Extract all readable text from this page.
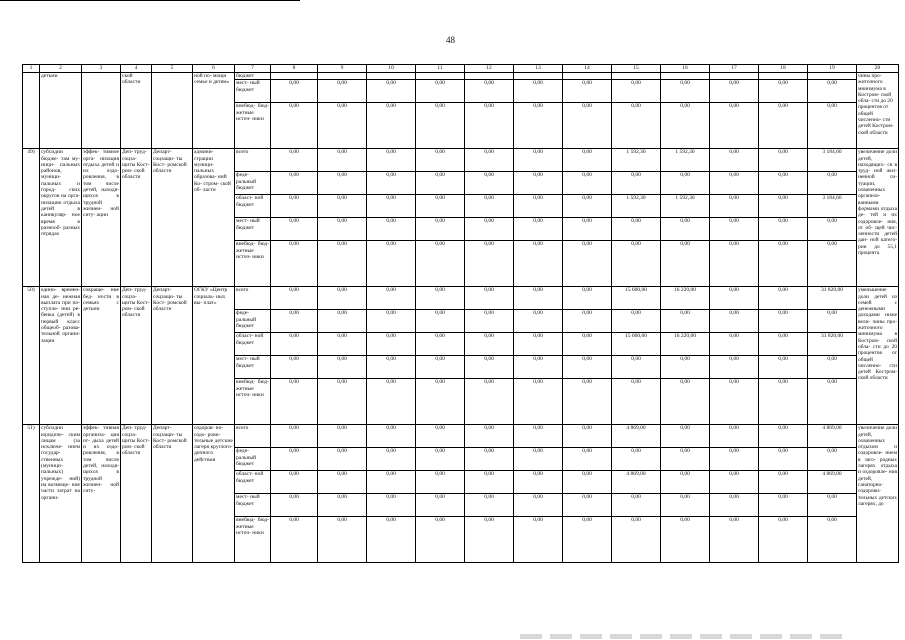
48
1	2	3	4	5	6	7	8	9	10	11	12	13	14	15	16	17	18	19	20
	детьми		ской области		ной по- мощи семье и детям»	бюджет													чины про- житочного минимума в Костром- ской обла- сти до 20 процентов от общей численно- сти детей Костром- ской области
						мест- ный бюджет	0,00	0,00	0,00	0,00	0,00	0,00	0,00	0,00	0,00	0,00	0,00	0,00	
						внебюд- бюд- жетные источ- ники	0,00	0,00	0,00	0,00	0,00	0,00	0,00	0,00	0,00	0,00	0,00	0,00	
49)	субсидии бюдже- там му- ници- пальных районов, муници- пальных и город- ских округов на орга- низацию отдыха детей в каникуляр- ное время в разнооб- разных отрядах	эффек- тивное орга- низация отдыха детей и их оздо- ровления, в том числе детей, находя- щихся в трудной жизнен- ной ситу- ации	Деп- труд- соцза- щиты Кост- ром- ской области	Департ- соцзащи- ты Кост- ромской области	админи- страции муници- пальных образова- ний Ко- стром- ской об- ласти	всего	0,00	0,00	0,00	0,00	0,00	0,00	0,00	1 592,30	1 592,30	0,00	0,00	3 184,60	увеличение доли детей, находящих- ся в труд- ной жиз- ненной си- туации, охваченных организо- ванными формами отдыха де- тей и их оздоровле- ния, от об- щей чис- ленности детей дан- ной катего- рии до 55,1 процента
						феде- ральный бюджет	0,00	0,00	0,00	0,00	0,00	0,00	0,00	0,00	0,00	0,00	0,00	0,00	
						област- ной бюджет	0,00	0,00	0,00	0,00	0,00	0,00	0,00	1 592,30	1 592,30	0,00	0,00	3 184,60	
						мест- ный бюджет	0,00	0,00	0,00	0,00	0,00	0,00	0,00	0,00	0,00	0,00	0,00	0,00	
						внебюд- бюд- жетные источ- ники	0,00	0,00	0,00	0,00	0,00	0,00	0,00	0,00	0,00	0,00	0,00	0,00	
50)	едино- времен- ная де- нежная выплата при по- ступле- нии ре- бенка (детей) в первый класс общеоб- разова- тельной органи- зации	сокраще- ние бед- ности в семьях с детьми	Деп- труд- соцза- щиты Кост- ром- ской области	Департ- соцзащи- ты Кост- ромской области	ОГКУ «Центр социаль- ных вы- плат»	всего	0,00	0,00	0,00	0,00	0,00	0,00	0,00	15 600,00	16 220,00	0,00	0,00	31 820,00	уменьшение доли детей из семей с денежными доходами ниже вели- чины про- житочного минимума в Костром- ской обла- сти до 20 процентов от общей численно- сти детей Костром- ской области
						феде- ральный бюджет	0,00	0,00	0,00	0,00	0,00	0,00	0,00	0,00	0,00	0,00	0,00	0,00	
						област- ной бюджет	0,00	0,00	0,00	0,00	0,00	0,00	0,00	15 600,00	16 220,00	0,00	0,00	31 820,00	
						мест- ный бюджет	0,00	0,00	0,00	0,00	0,00	0,00	0,00	0,00	0,00	0,00	0,00	0,00	
						внебюд- бюд- жетные источ- ники	0,00	0,00	0,00	0,00	0,00	0,00	0,00	0,00	0,00	0,00	0,00	0,00	
51)	субсидии юридиче- ским лицам (за исключе- нием государ- ственных (муници- пальных) учрежде- ний) на возмеще- ние части затрат на органи-	эффек- тивная организа- ция от- дыха детей и их оздо- ровления, в том числе детей, находя- щихся в трудной жизнен- ной ситу-	Деп- труд- соцза- щиты Кост- ром- ской области	Департ- соцзащи- ты Кост- ромской области	оздоров- но-оздо- рови- тельные детские лагеря круглого- дичного действия	всего	0,00	0,00	0,00	0,00	0,00	0,00	0,00	4 869,00	0,00	0,00	0,00	4 869,00	увеличение доли детей, охваченных отдыхом и оздоровле- нием в заго- родных лагерях отдыха и оздоровле- ния детей, санаторно- оздорови- тельных детских лагерях, до
						феде- ральный бюджет	0,00	0,00	0,00	0,00	0,00	0,00	0,00	0,00	0,00	0,00	0,00	0,00	
						област- ной бюджет	0,00	0,00	0,00	0,00	0,00	0,00	0,00	4 869,00	0,00	0,00	0,00	4 869,00	
						мест- ный бюджет	0,00	0,00	0,00	0,00	0,00	0,00	0,00	0,00	0,00	0,00	0,00	0,00	
						внебюд- бюд- жетные источ- ники	0,00	0,00	0,00	0,00	0,00	0,00	0,00	0,00	0,00	0,00	0,00	0,00	
